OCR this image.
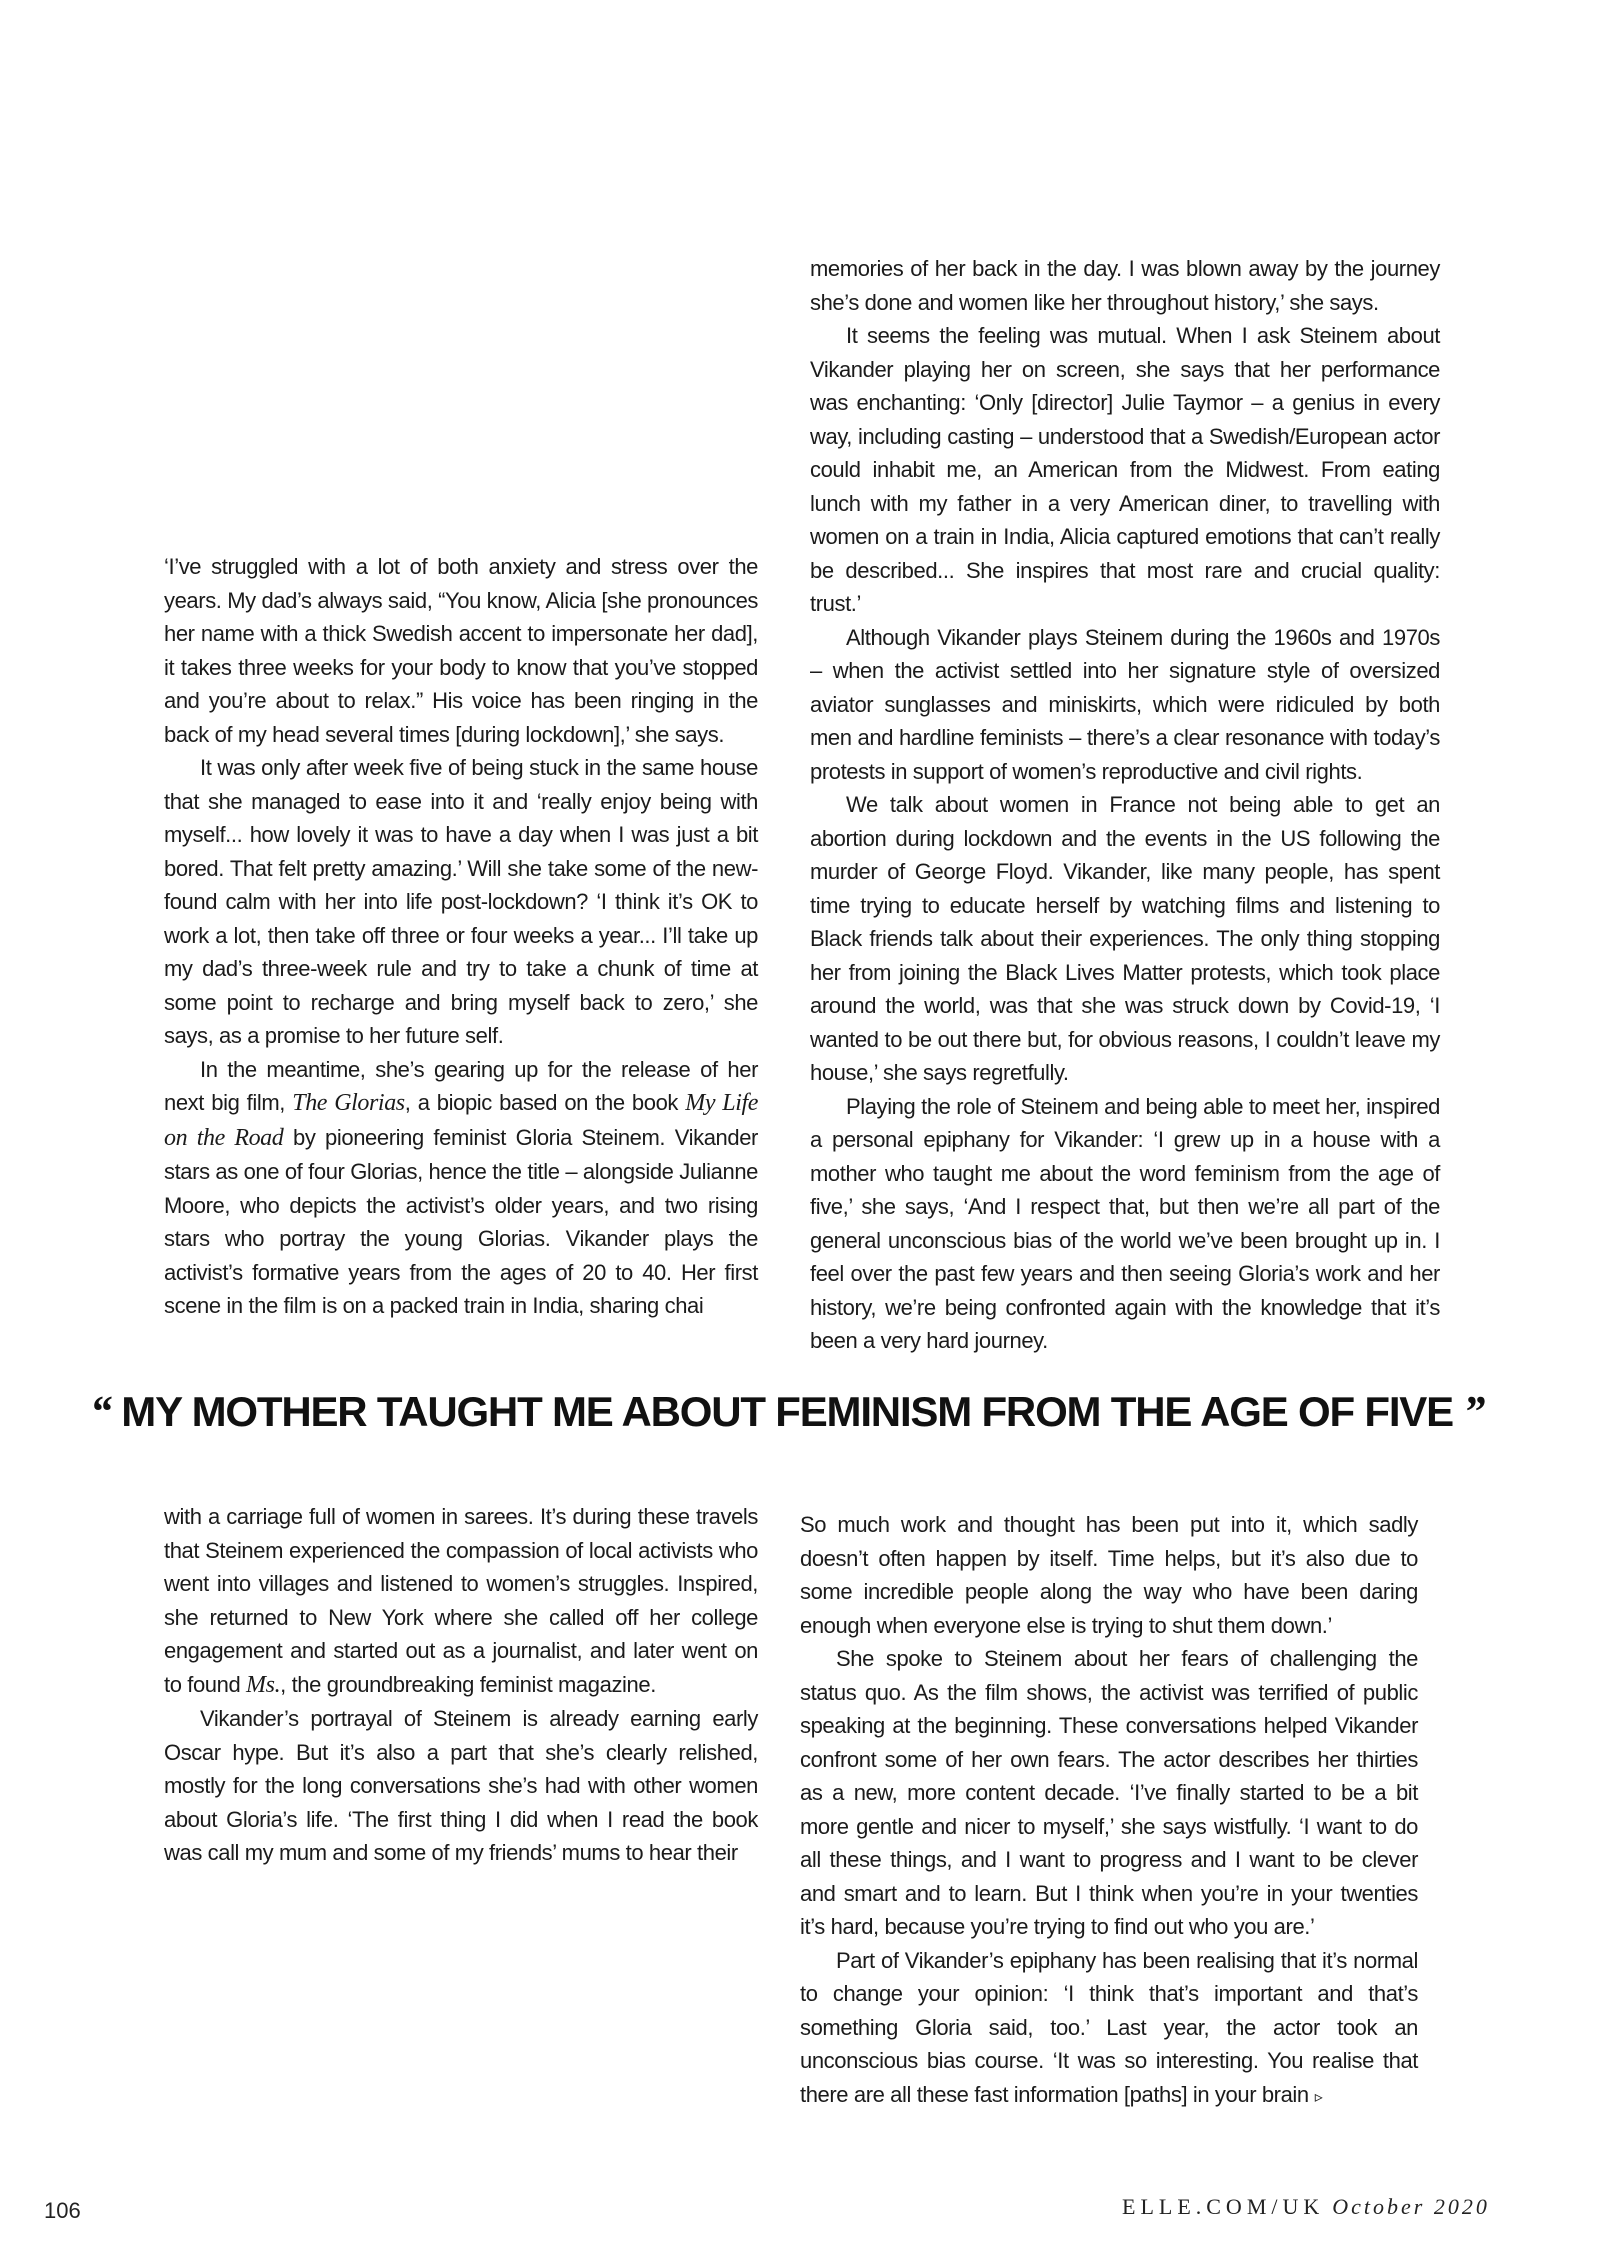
‘I’ve struggled with a lot of both anxiety and stress over the years. My dad’s always said, “You know, Alicia [she pronounces her name with a thick Swedish accent to impersonate her dad], it takes three weeks for your body to know that you’ve stopped and you’re about to relax.” His voice has been ringing in the back of my head several times [during lockdown],’ she says.

It was only after week five of being stuck in the same house that she managed to ease into it and ‘really enjoy being with myself... how lovely it was to have a day when I was just a bit bored. That felt pretty amazing.’ Will she take some of the new-found calm with her into life post-lockdown? ‘I think it’s OK to work a lot, then take off three or four weeks a year... I’ll take up my dad’s three-week rule and try to take a chunk of time at some point to recharge and bring myself back to zero,’ she says, as a promise to her future self.

In the meantime, she’s gearing up for the release of her next big film, The Glorias, a biopic based on the book My Life on the Road by pioneering feminist Gloria Steinem. Vikander stars as one of four Glorias, hence the title – alongside Julianne Moore, who depicts the activist’s older years, and two rising stars who portray the young Glorias. Vikander plays the activist’s formative years from the ages of 20 to 40. Her first scene in the film is on a packed train in India, sharing chai

memories of her back in the day. I was blown away by the journey she’s done and women like her throughout history,’ she says.

It seems the feeling was mutual. When I ask Steinem about Vikander playing her on screen, she says that her performance was enchanting: ‘Only [director] Julie Taymor – a genius in every way, including casting – understood that a Swedish/European actor could inhabit me, an American from the Midwest. From eating lunch with my father in a very American diner, to travelling with women on a train in India, Alicia captured emotions that can’t really be described... She inspires that most rare and crucial quality: trust.’

Although Vikander plays Steinem during the 1960s and 1970s – when the activist settled into her signature style of oversized aviator sunglasses and miniskirts, which were ridiculed by both men and hardline feminists – there’s a clear resonance with today’s protests in support of women’s reproductive and civil rights.

We talk about women in France not being able to get an abortion during lockdown and the events in the US following the murder of George Floyd. Vikander, like many people, has spent time trying to educate herself by watching films and listening to Black friends talk about their experiences. The only thing stopping her from joining the Black Lives Matter protests, which took place around the world, was that she was struck down by Covid-19, ‘I wanted to be out there but, for obvious reasons, I couldn’t leave my house,’ she says regretfully.

Playing the role of Steinem and being able to meet her, inspired a personal epiphany for Vikander: ‘I grew up in a house with a mother who taught me about the word feminism from the age of five,’ she says, ‘And I respect that, but then we’re all part of the general unconscious bias of the world we’ve been brought up in. I feel over the past few years and then seeing Gloria’s work and her history, we’re being confronted again with the knowledge that it’s been a very hard journey.

“ MY MOTHER TAUGHT ME ABOUT FEMINISM FROM THE AGE OF FIVE ”

with a carriage full of women in sarees. It’s during these travels that Steinem experienced the compassion of local activists who went into villages and listened to women’s struggles. Inspired, she returned to New York where she called off her college engagement and started out as a journalist, and later went on to found Ms., the groundbreaking feminist magazine.

Vikander’s portrayal of Steinem is already earning early Oscar hype. But it’s also a part that she’s clearly relished, mostly for the long conversations she’s had with other women about Gloria’s life. ‘The first thing I did when I read the book was call my mum and some of my friends’ mums to hear their

So much work and thought has been put into it, which sadly doesn’t often happen by itself. Time helps, but it’s also due to some incredible people along the way who have been daring enough when everyone else is trying to shut them down.’

She spoke to Steinem about her fears of challenging the status quo. As the film shows, the activist was terrified of public speaking at the beginning. These conversations helped Vikander confront some of her own fears. The actor describes her thirties as a new, more content decade. ‘I’ve finally started to be a bit more gentle and nicer to myself,’ she says wistfully. ‘I want to do all these things, and I want to progress and I want to be clever and smart and to learn. But I think when you’re in your twenties it’s hard, because you’re trying to find out who you are.’

Part of Vikander’s epiphany has been realising that it’s normal to change your opinion: ‘I think that’s important and that’s something Gloria said, too.’ Last year, the actor took an unconscious bias course. ‘It was so interesting. You realise that there are all these fast information [paths] in your brain ▹

106	ELLE.COM/UK October 2020
